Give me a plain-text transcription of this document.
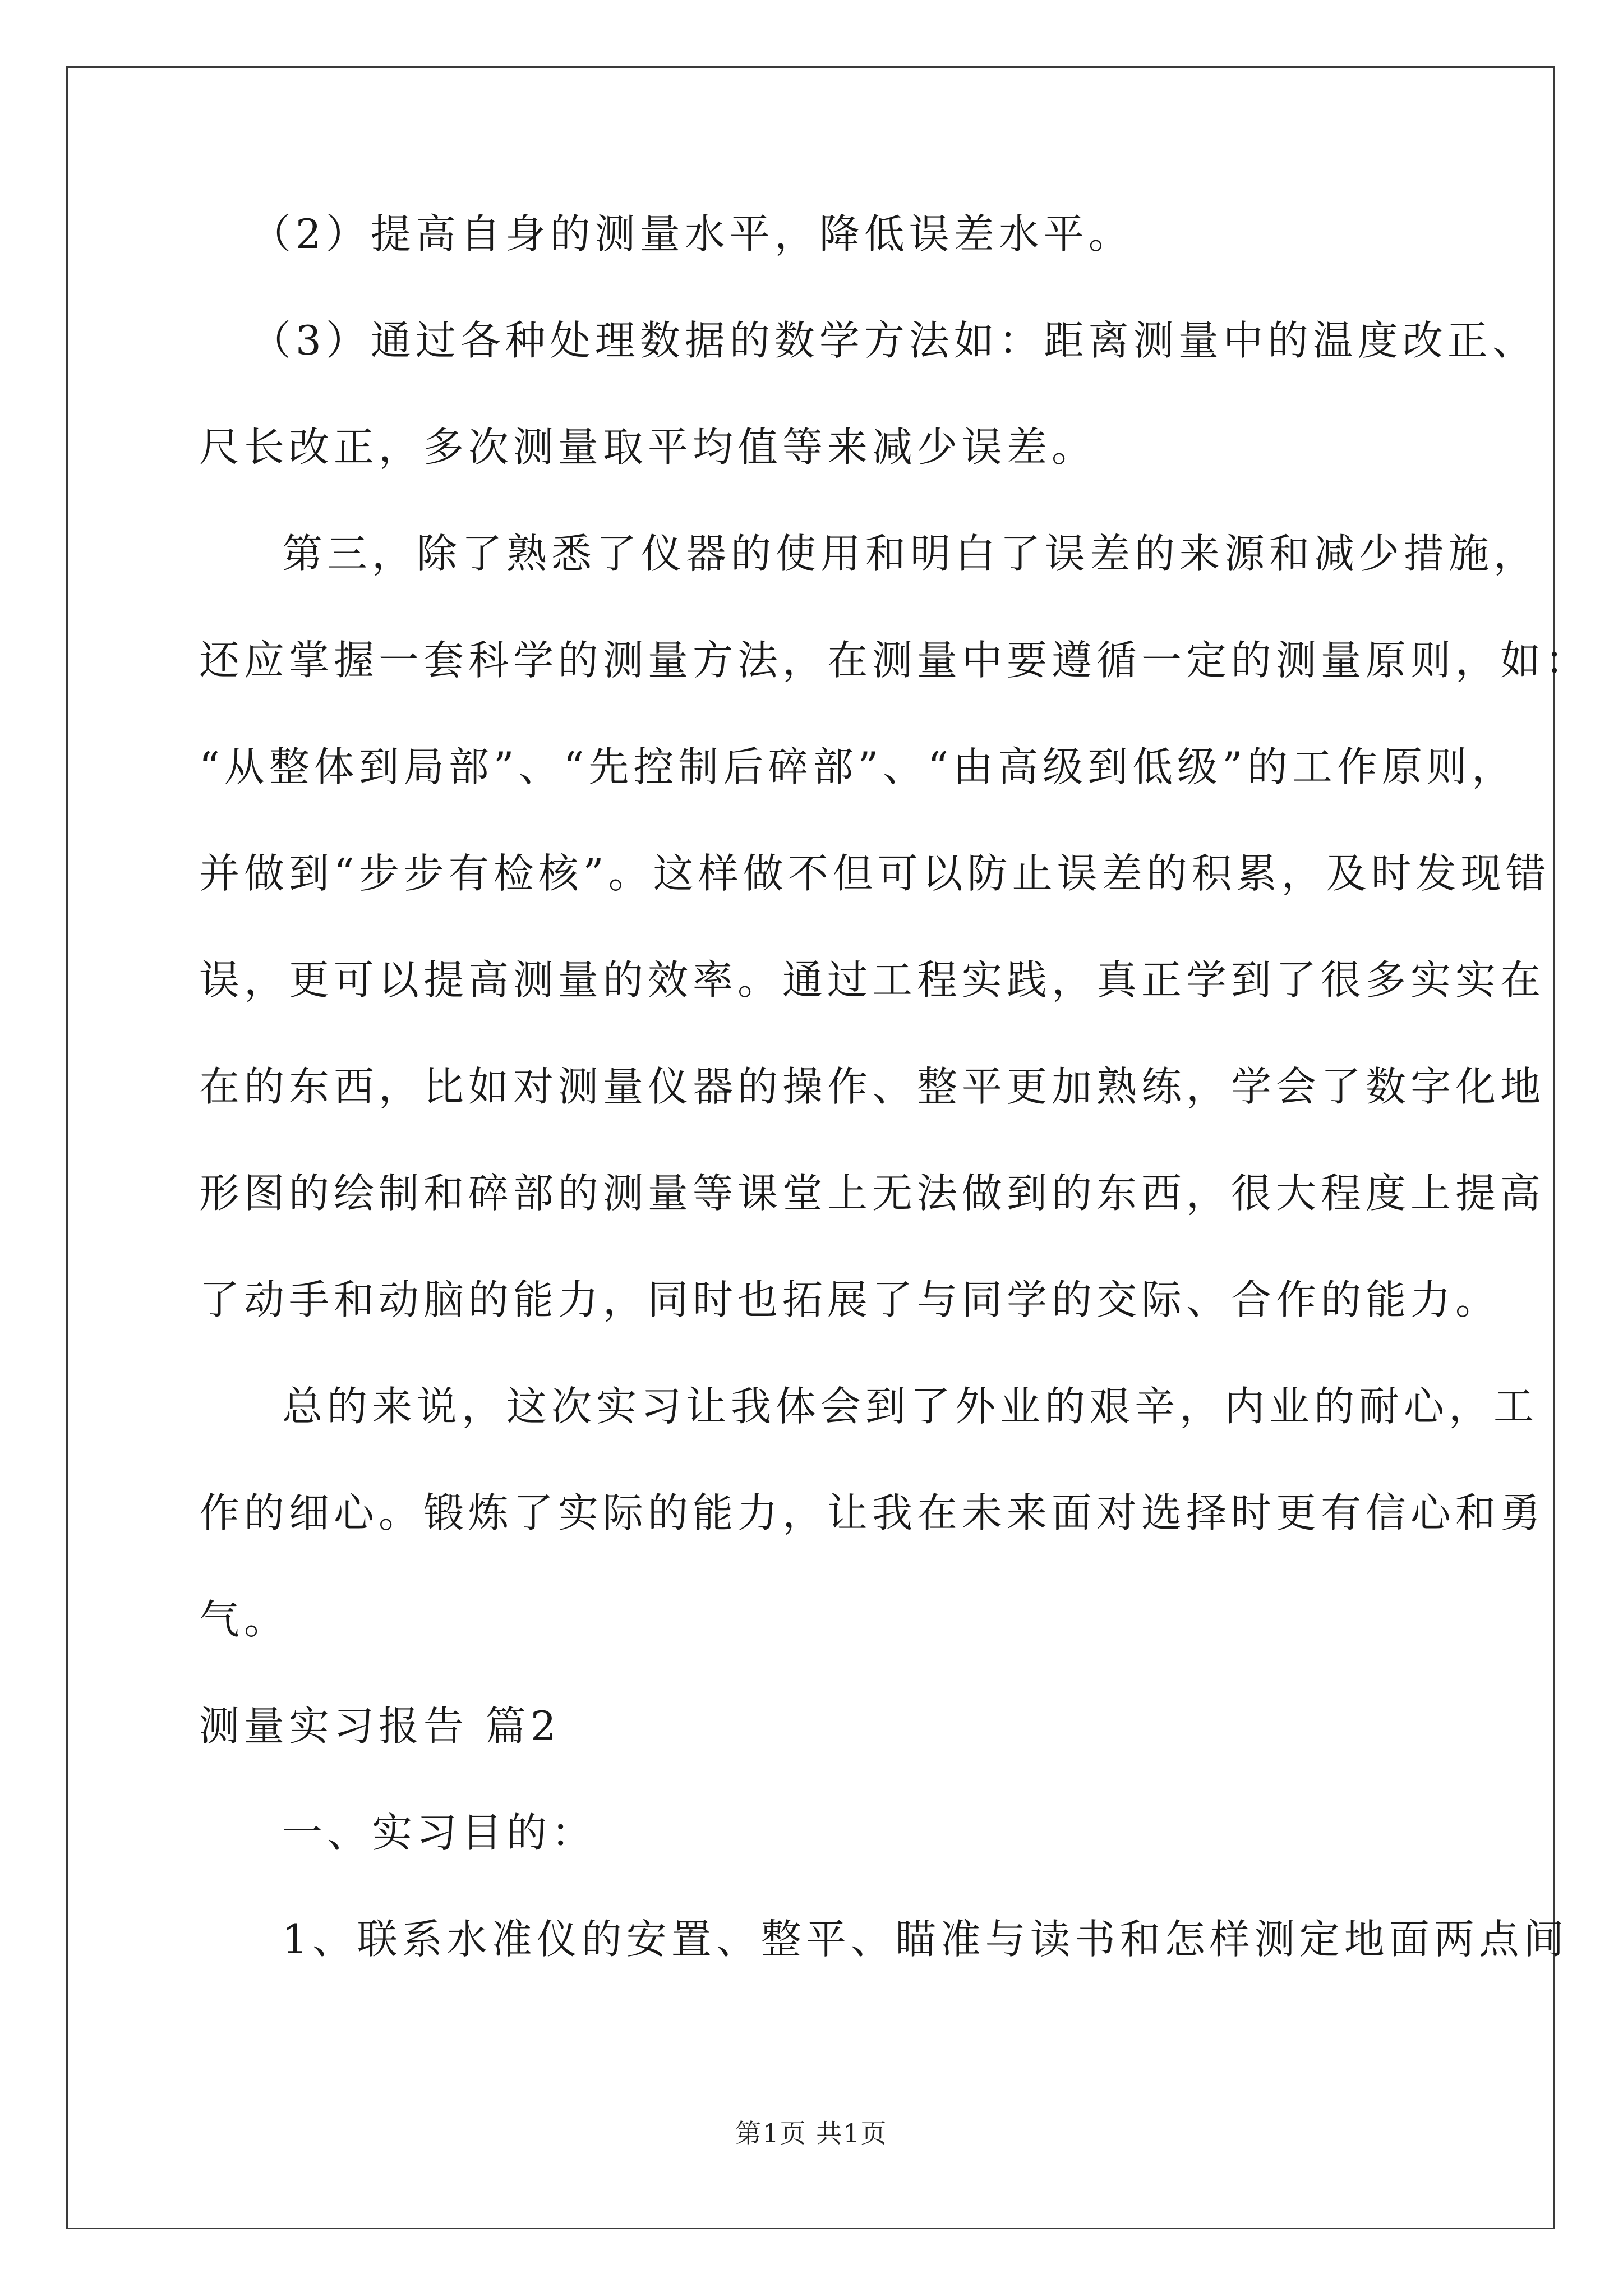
（2）提高自身的测量水平，降低误差水平。
（3）通过各种处理数据的数学方法如：距离测量中的温度改正、
尺长改正，多次测量取平均值等来减少误差。
第三，除了熟悉了仪器的使用和明白了误差的来源和减少措施，
还应掌握一套科学的测量方法，在测量中要遵循一定的测量原则，如：
“从整体到局部”、“先控制后碎部”、“由高级到低级”的工作原则，
并做到“步步有检核”。这样做不但可以防止误差的积累，及时发现错
误，更可以提高测量的效率。通过工程实践，真正学到了很多实实在
在的东西，比如对测量仪器的操作、整平更加熟练，学会了数字化地
形图的绘制和碎部的测量等课堂上无法做到的东西，很大程度上提高
了动手和动脑的能力，同时也拓展了与同学的交际、合作的能力。
总的来说，这次实习让我体会到了外业的艰辛，内业的耐心，工
作的细心。锻炼了实际的能力，让我在未来面对选择时更有信心和勇
气。
测量实习报告 篇2
一、实习目的：
1、联系水准仪的安置、整平、瞄准与读书和怎样测定地面两点间
第1页 共1页
